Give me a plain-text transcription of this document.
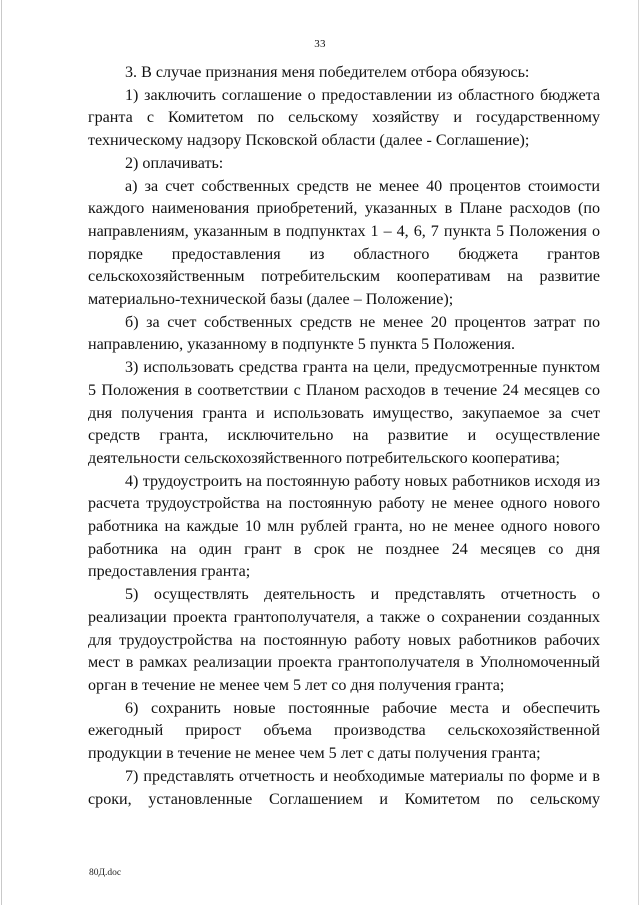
33

3. В случае признания меня победителем отбора обязуюсь:

1) заключить соглашение о предоставлении из областного бюджета гранта с Комитетом по сельскому хозяйству и государственному техническому надзору Псковской области (далее - Соглашение);

2) оплачивать:

а) за счет собственных средств не менее 40 процентов стоимости каждого наименования приобретений, указанных в Плане расходов (по направлениям, указанным в подпунктах 1 – 4, 6, 7 пункта 5 Положения о порядке предоставления из областного бюджета грантов сельскохозяйственным потребительским кооперативам на развитие материально-технической базы (далее – Положение);

б) за счет собственных средств не менее 20 процентов затрат по направлению, указанному в подпункте 5 пункта 5 Положения.

3) использовать средства гранта на цели, предусмотренные пунктом 5 Положения в соответствии с Планом расходов в течение 24 месяцев со дня получения гранта и использовать имущество, закупаемое за счет средств гранта, исключительно на развитие и осуществление деятельности сельскохозяйственного потребительского кооператива;

4) трудоустроить на постоянную работу новых работников исходя из расчета трудоустройства на постоянную работу не менее одного нового работника на каждые 10 млн рублей гранта, но не менее одного нового работника на один грант в срок не позднее 24 месяцев со дня предоставления гранта;

5) осуществлять деятельность и представлять отчетность о реализации проекта грантополучателя, а также о сохранении созданных для трудоустройства на постоянную работу новых работников рабочих мест в рамках реализации проекта грантополучателя в Уполномоченный орган в течение не менее чем 5 лет со дня получения гранта;

6) сохранить новые постоянные рабочие места и обеспечить ежегодный прирост объема производства сельскохозяйственной продукции в течение не менее чем 5 лет с даты получения гранта;

7) представлять отчетность и необходимые материалы по форме и в сроки, установленные Соглашением и Комитетом по сельскому

80Д.doc
